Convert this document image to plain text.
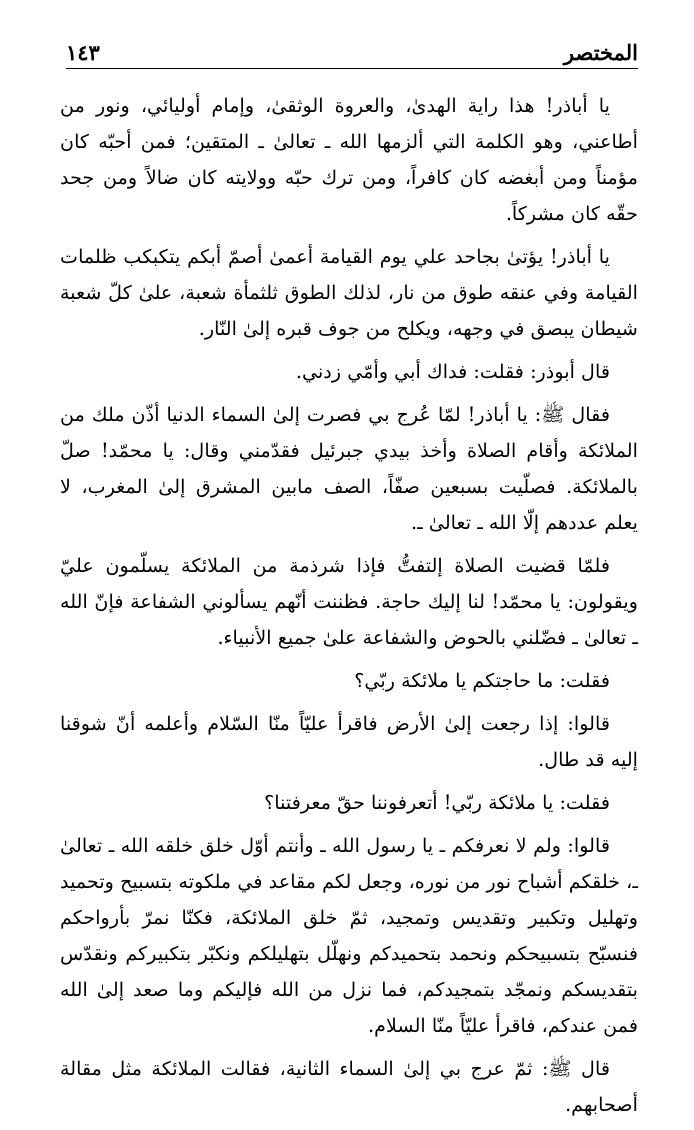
المختصر
١٤٣

يا أباذر! هذا راية الهدىٰ، والعروة الوثقىٰ، وإمام أوليائي، ونور من أطاعني، وهو الكلمة التي ألزمها الله ـ تعالىٰ ـ المتقين؛ فمن أحبّه كان مؤمناً ومن أبغضه كان كافراً، ومن ترك حبّه وولايته كان ضالاً ومن جحد حقّه كان مشركاً.

يا أباذر! يؤتىٰ بجاحد علي يوم القيامة أعمىٰ أصمّ أبكم يتكبكب ظلمات القيامة وفي عنقه طوق من نار، لذلك الطوق ثلثمأة شعبة، علىٰ كلّ شعبة شيطان يبصق في وجهه، ويكلح من جوف قبره إلىٰ النّار.

قال أبوذر: فقلت: فداك أبي وأمّي زدني.

فقال ﷺ: يا أباذر! لمّا عُرج بي فصرت إلىٰ السماء الدنيا أذّن ملك من الملائكة وأقام الصلاة وأخذ بيدي جبرئيل فقدّمني وقال: يا محمّد! صلّ بالملائكة. فصلّيت بسبعين صفّاً، الصف مابين المشرق إلىٰ المغرب، لا يعلم عددهم إلّا الله ـ تعالىٰ ـ.

فلمّا قضيت الصلاة إلتفتُّ فإذا شرذمة من الملائكة يسلّمون عليّ ويقولون: يا محمّد! لنا إليك حاجة. فظننت أنّهم يسألوني الشفاعة فإنّ الله ـ تعالىٰ ـ فضّلني بالحوض والشفاعة علىٰ جميع الأنبياء.

فقلت: ما حاجتكم يا ملائكة ربّي؟

قالوا: إذا رجعت إلىٰ الأرض فاقرأ عليّاً منّا السّلام وأعلمه أنّ شوقنا إليه قد طال.

فقلت: يا ملائكة ربّي! أتعرفوننا حقّ معرفتنا؟

قالوا: ولم لا نعرفكم ـ يا رسول الله ـ وأنتم أوّل خلق خلقه الله ـ تعالىٰ ـ، خلقكم أشباح نور من نوره، وجعل لكم مقاعد في ملكوته بتسبيح وتحميد وتهليل وتكبير وتقديس وتمجيد، ثمّ خلق الملائكة، فكنّا نمرّ بأرواحكم فنسبّح بتسبيحكم ونحمد بتحميدكم ونهلّل بتهليلكم ونكبّر بتكبيركم ونقدّس بتقديسكم ونمجّد بتمجيدكم، فما نزل من الله فإليكم وما صعد إلىٰ الله فمن عندكم، فاقرأ عليّاً منّا السلام.

قال ﷺ: ثمّ عرج بي إلىٰ السماء الثانية، فقالت الملائكة مثل مقالة أصحابهم.
